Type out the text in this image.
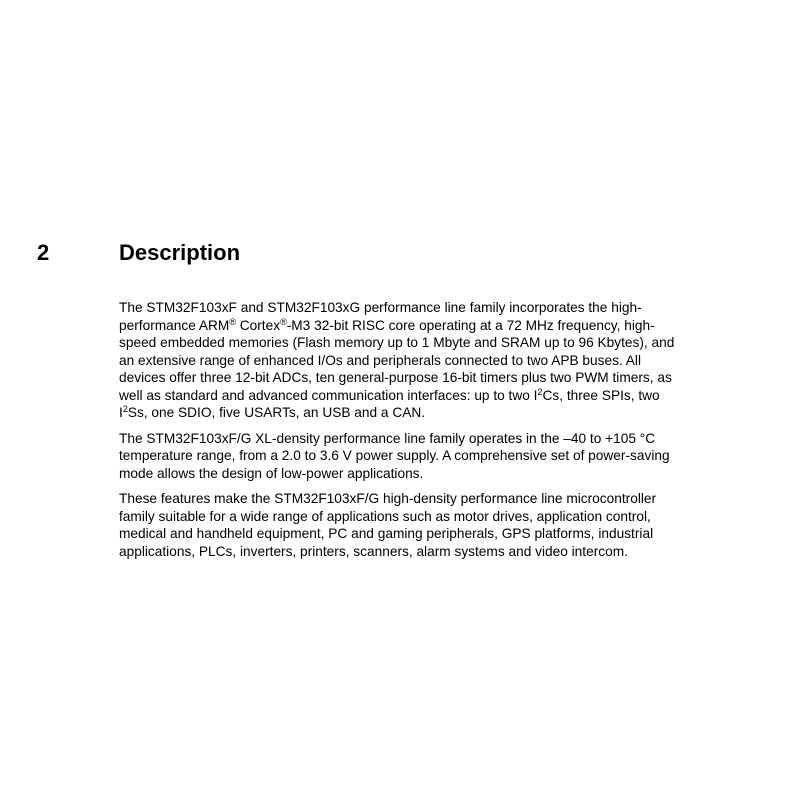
2	Description

The STM32F103xF and STM32F103xG performance line family incorporates the high-
performance ARM® Cortex®-M3 32-bit RISC core operating at a 72 MHz frequency, high-
speed embedded memories (Flash memory up to 1 Mbyte and SRAM up to 96 Kbytes), and
an extensive range of enhanced I/Os and peripherals connected to two APB buses. All
devices offer three 12-bit ADCs, ten general-purpose 16-bit timers plus two PWM timers, as
well as standard and advanced communication interfaces: up to two $I^2Cs$, three SPIs, two
$I^2Ss$, one SDIO, five USARTs, an USB and a CAN.

The STM32F103xF/G XL-density performance line family operates in the –40 to +105 °C
temperature range, from a 2.0 to 3.6 V power supply. A comprehensive set of power-saving
mode allows the design of low-power applications.

These features make the STM32F103xF/G high-density performance line microcontroller
family suitable for a wide range of applications such as motor drives, application control,
medical and handheld equipment, PC and gaming peripherals, GPS platforms, industrial
applications, PLCs, inverters, printers, scanners, alarm systems and video intercom.
